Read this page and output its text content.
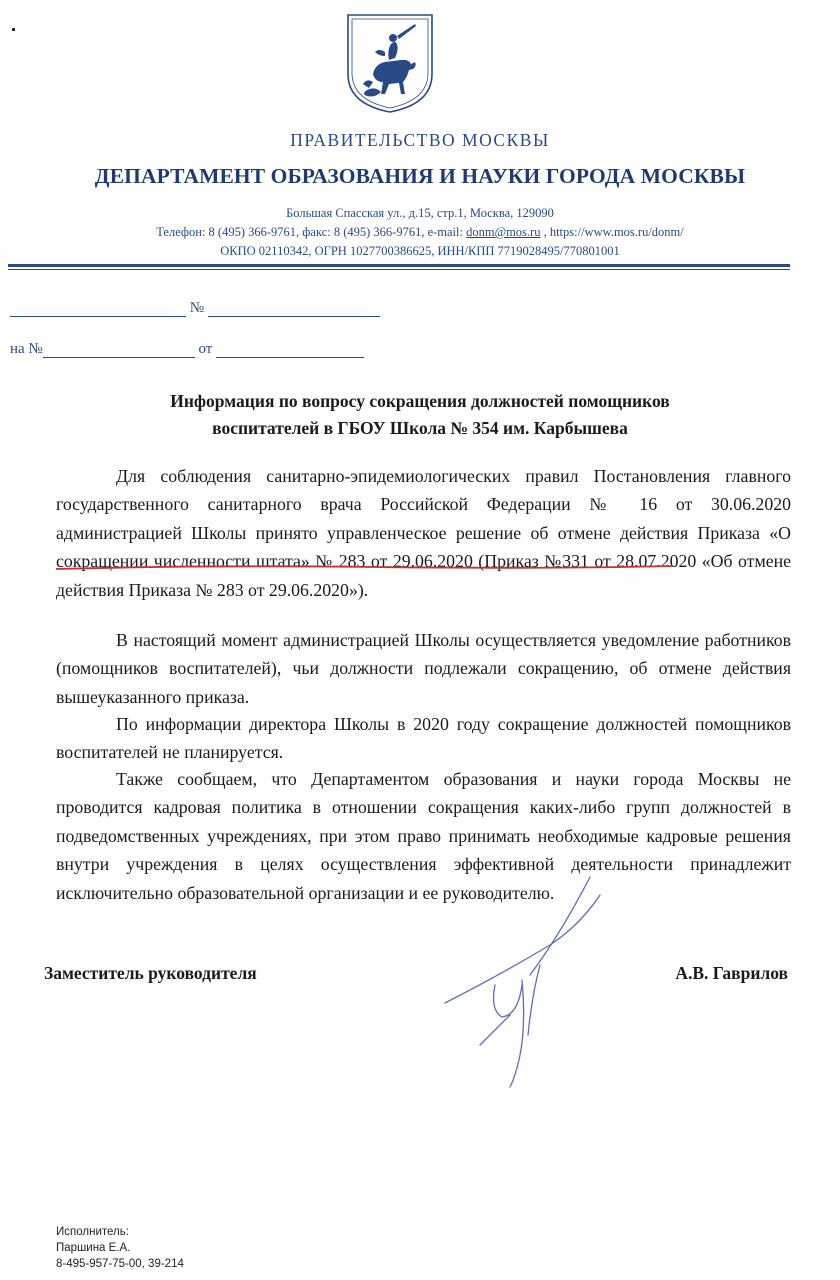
ПРАВИТЕЛЬСТВО МОСКВЫ
ДЕПАРТАМЕНТ ОБРАЗОВАНИЯ И НАУКИ ГОРОДА МОСКВЫ
Большая Спасская ул., д.15, стр.1, Москва, 129090
Телефон: 8 (495) 366-9761, факс: 8 (495) 366-9761, e-mail: donm@mos.ru , https://www.mos.ru/donm/
ОКПО 02110342, ОГРН 1027700386625, ИНН/КПП 7719028495/770801001
№
на №	от
Информация по вопросу сокращения должностей помощников
воспитателей в ГБОУ Школа № 354 им. Карбышева
Для соблюдения санитарно-эпидемиологических правил Постановления главного государственного санитарного врача Российской Федерации № 16 от 30.06.2020 администрацией Школы принято управленческое решение об отмене действия Приказа «О сокращении численности штата» № 283 от 29.06.2020 (Приказ №331 от 28.07.2020 «Об отмене действия Приказа № 283 от 29.06.2020»).
В настоящий момент администрацией Школы осуществляется уведомление работников (помощников воспитателей), чьи должности подлежали сокращению, об отмене действия вышеуказанного приказа.
По информации директора Школы в 2020 году сокращение должностей помощников воспитателей не планируется.
Также сообщаем, что Департаментом образования и науки города Москвы не проводится кадровая политика в отношении сокращения каких-либо групп должностей в подведомственных учреждениях, при этом право принимать необходимые кадровые решения внутри учреждения в целях осуществления эффективной деятельности принадлежит исключительно образовательной организации и ее руководителю.
Заместитель руководителя	А.В. Гаврилов
Исполнитель:
Паршина Е.А.
8-495-957-75-00, 39-214
